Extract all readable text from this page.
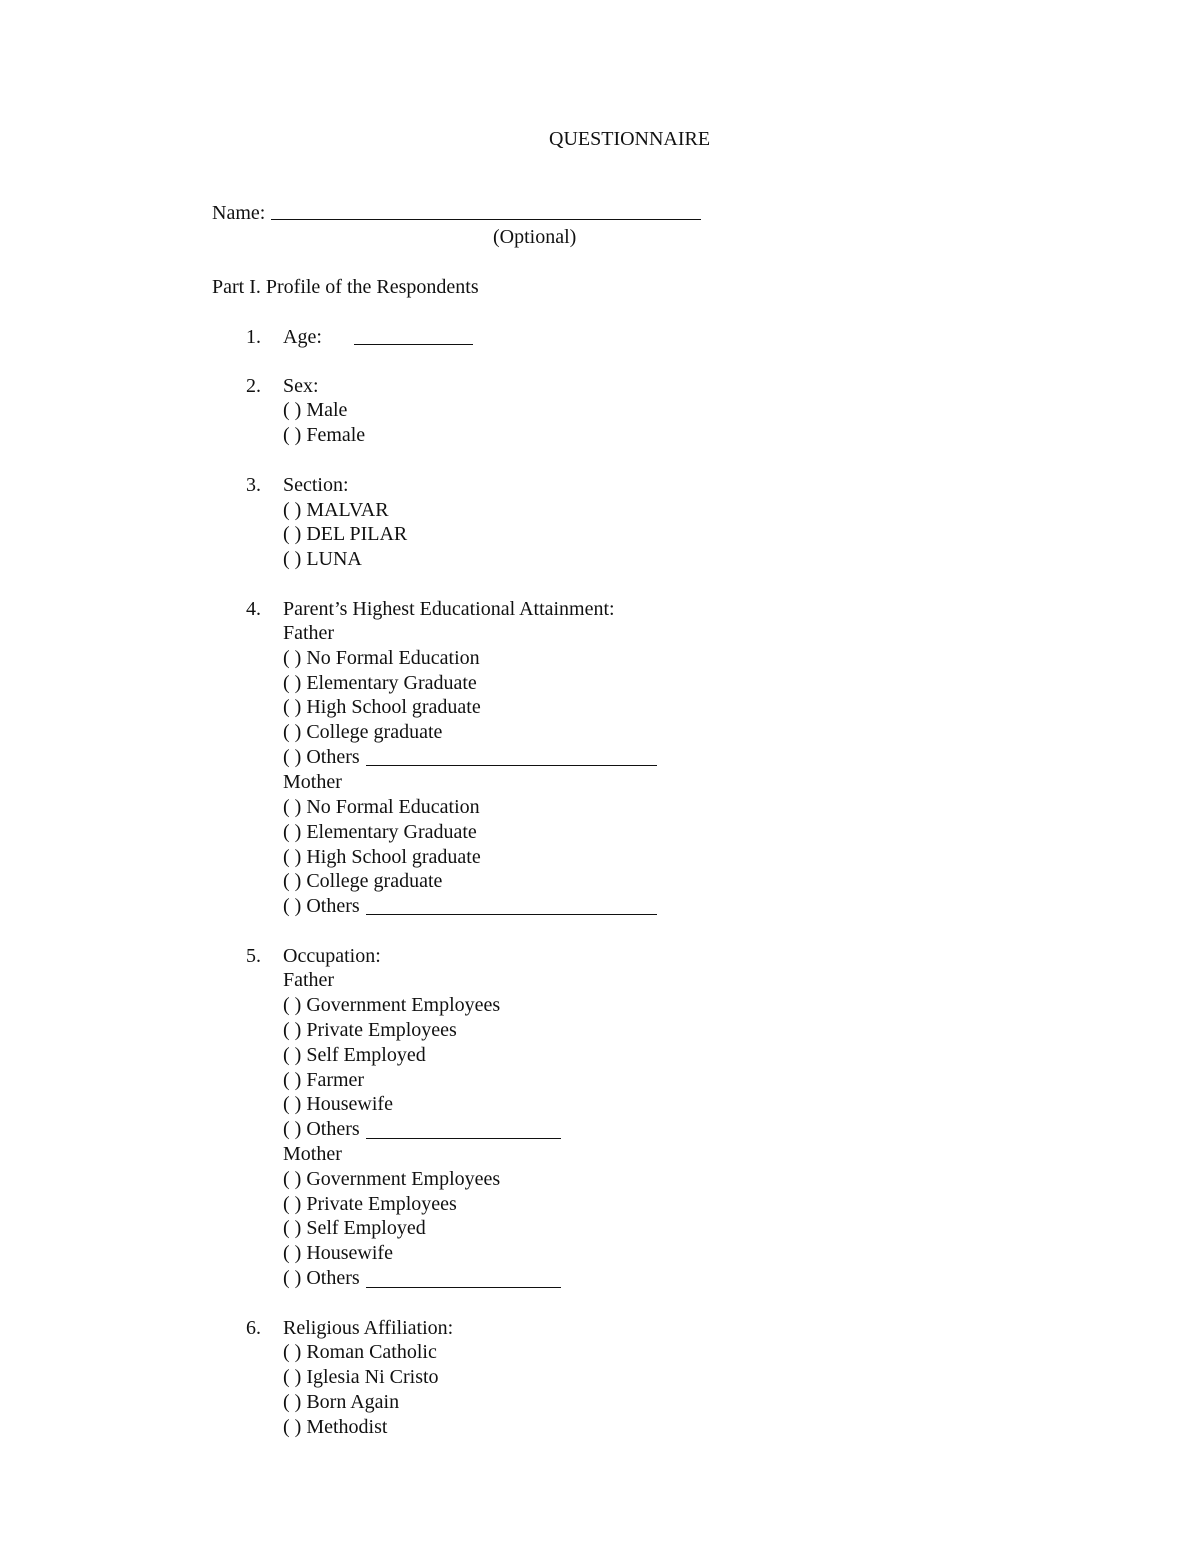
QUESTIONNAIRE
Name:
(Optional)
Part I. Profile of the Respondents
1. Age:
2. Sex:
( ) Male
( ) Female
3. Section:
( ) MALVAR
( ) DEL PILAR
( ) LUNA
4. Parent’s Highest Educational Attainment:
Father
( ) No Formal Education
( ) Elementary Graduate
( ) High School graduate
( ) College graduate
( ) Others
Mother
( ) No Formal Education
( ) Elementary Graduate
( ) High School graduate
( ) College graduate
( ) Others
5. Occupation:
Father
( ) Government Employees
( ) Private Employees
( ) Self Employed
( ) Farmer
( ) Housewife
( ) Others
Mother
( ) Government Employees
( ) Private Employees
( ) Self Employed
( ) Housewife
( ) Others
6. Religious Affiliation:
( ) Roman Catholic
( ) Iglesia Ni Cristo
( ) Born Again
( ) Methodist
